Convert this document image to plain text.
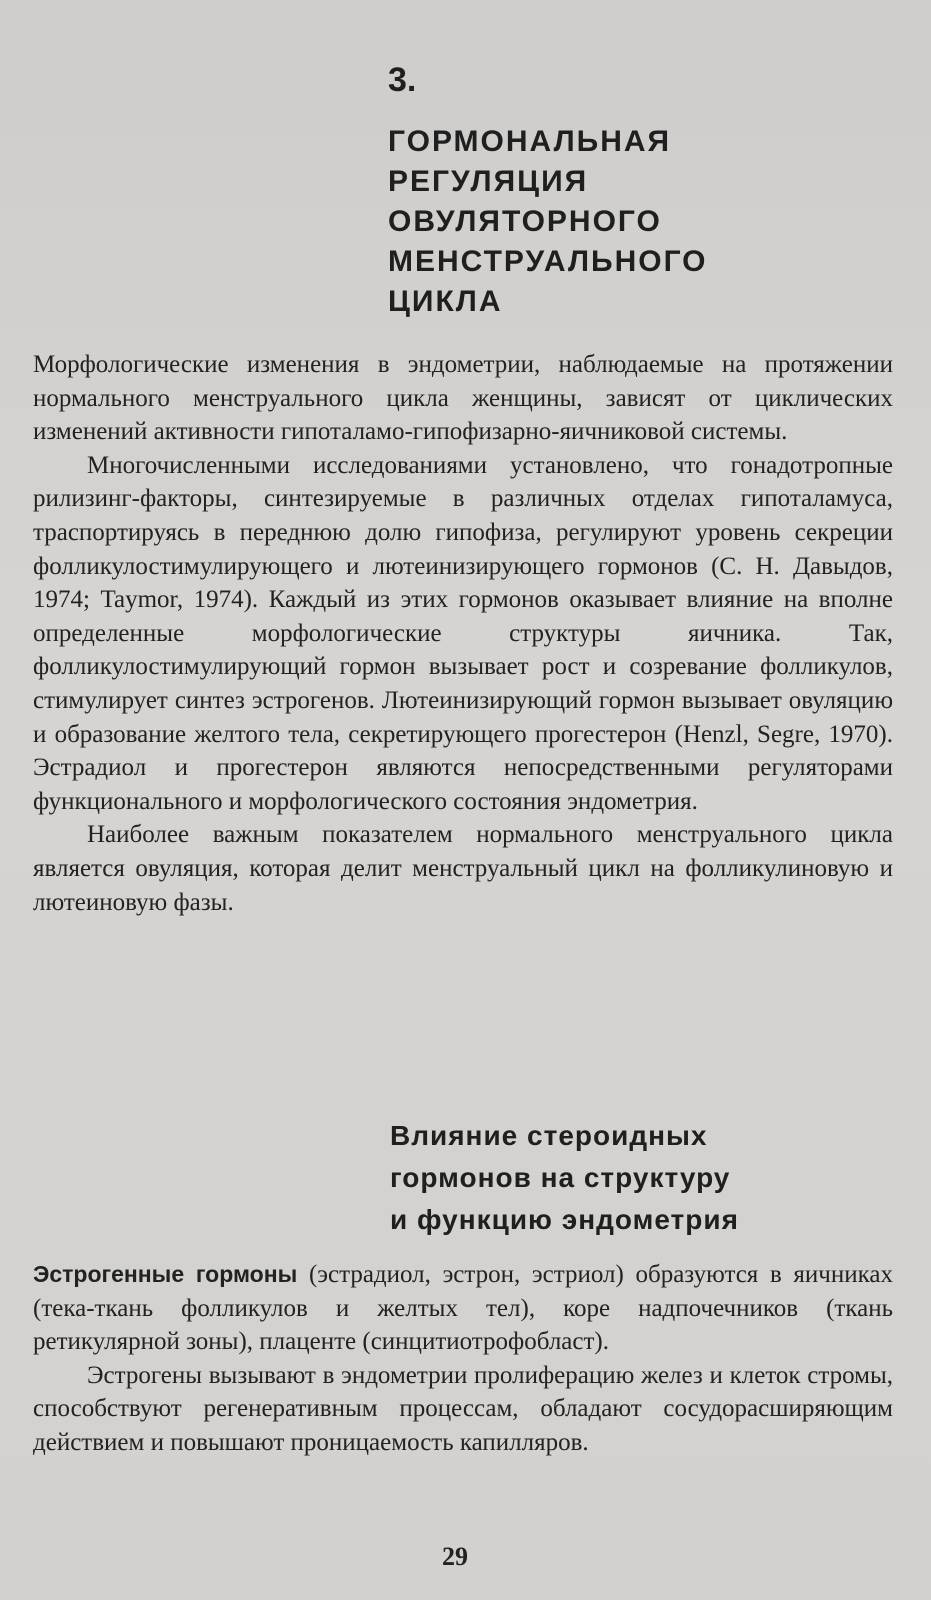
3.
ГОРМОНАЛЬНАЯ
РЕГУЛЯЦИЯ
ОВУЛЯТОРНОГО
МЕНСТРУАЛЬНОГО
ЦИКЛА

Морфологические изменения в эндометрии, наблюдаемые на протяжении нормального менструального цикла женщины, зависят от циклических изменений активности гипоталамо-гипофизарно-яичниковой системы.

Многочисленными исследованиями установлено, что гонадотропные рилизинг-факторы, синтезируемые в различных отделах гипоталамуса, траспортируясь в переднюю долю гипофиза, регулируют уровень секреции фолликулостимулирующего и лютеинизирующего гормонов (С. Н. Давыдов, 1974; Taymor, 1974). Каждый из этих гормонов оказывает влияние на вполне определенные морфологические структуры яичника. Так, фолликулостимулирующий гормон вызывает рост и созревание фолликулов, стимулирует синтез эстрогенов. Лютеинизирующий гормон вызывает овуляцию и образование желтого тела, секретирующего прогестерон (Henzl, Segre, 1970). Эстрадиол и прогестерон являются непосредственными регуляторами функционального и морфологического состояния эндометрия.

Наиболее важным показателем нормального менструального цикла является овуляция, которая делит менструальный цикл на фолликулиновую и лютеиновую фазы.

Влияние стероидных
гормонов на структуру
и функцию эндометрия

Эстрогенные гормоны (эстрадиол, эстрон, эстриол) образуются в яичниках (тека-ткань фолликулов и желтых тел), коре надпочечников (ткань ретикулярной зоны), плаценте (синцитиотрофобласт).

Эстрогены вызывают в эндометрии пролиферацию желез и клеток стромы, способствуют регенеративным процессам, обладают сосудорасширяющим действием и повышают проницаемость капилляров.

29
